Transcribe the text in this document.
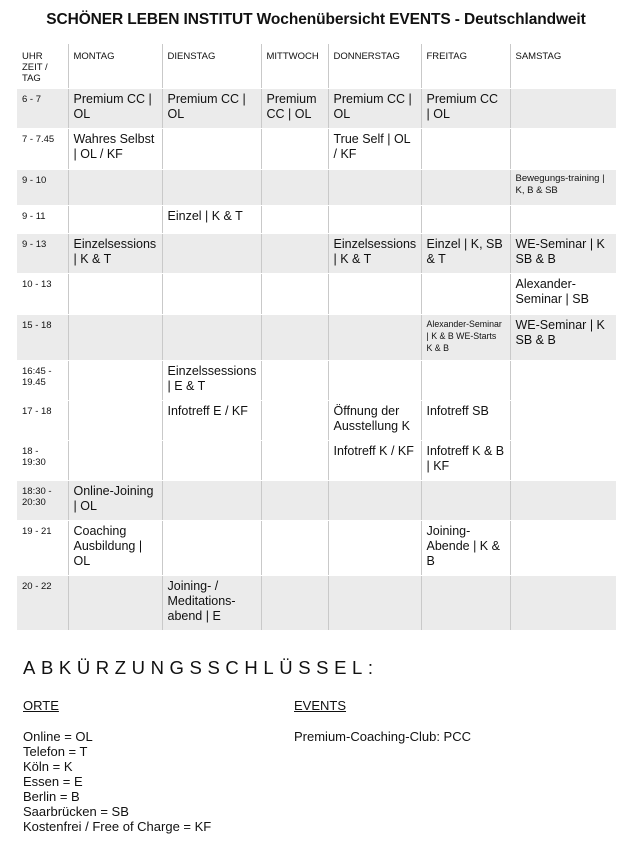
SCHÖNER LEBEN INSTITUT Wochenübersicht EVENTS - Deutschlandweit
UHR ZEIT / TAG	MONTAG	DIENSTAG	MITTWOCH	DONNERSTAG	FREITAG	SAMSTAG
6 - 7	Premium CC | OL	Premium CC | OL	Premium CC | OL	Premium CC | OL	Premium CC | OL	
7 - 7.45	Wahres Selbst | OL / KF			True Self | OL / KF		
9 - 10						Bewegungs-training | K, B & SB
9 - 11		Einzel | K & T				
9 - 13	Einzelsessions | K & T			Einzelsessions | K & T	Einzel | K, SB & T	WE-Seminar | K SB & B
10 - 13						Alexander-Seminar | SB
15 - 18					Alexander-Seminar | K & B WE-Starts K & B	WE-Seminar | K SB & B
16:45 - 19.45		Einzelssessions | E & T				
17 - 18		Infotreff E / KF		Öffnung der Ausstellung K	Infotreff SB	
18 - 19:30				Infotreff K / KF	Infotreff K & B | KF	
18:30 - 20:30	Online-Joining | OL					
19 - 21	Coaching Ausbildung | OL				Joining-Abende | K & B	
20 - 22		Joining- / Meditations-abend | E				
ABKÜRZUNGSSCHLÜSSEL:
ORTE	EVENTS
Online = OL
Telefon = T
Köln = K
Essen = E
Berlin = B
Saarbrücken = SB
Kostenfrei / Free of Charge = KF
Premium-Coaching-Club: PCC
